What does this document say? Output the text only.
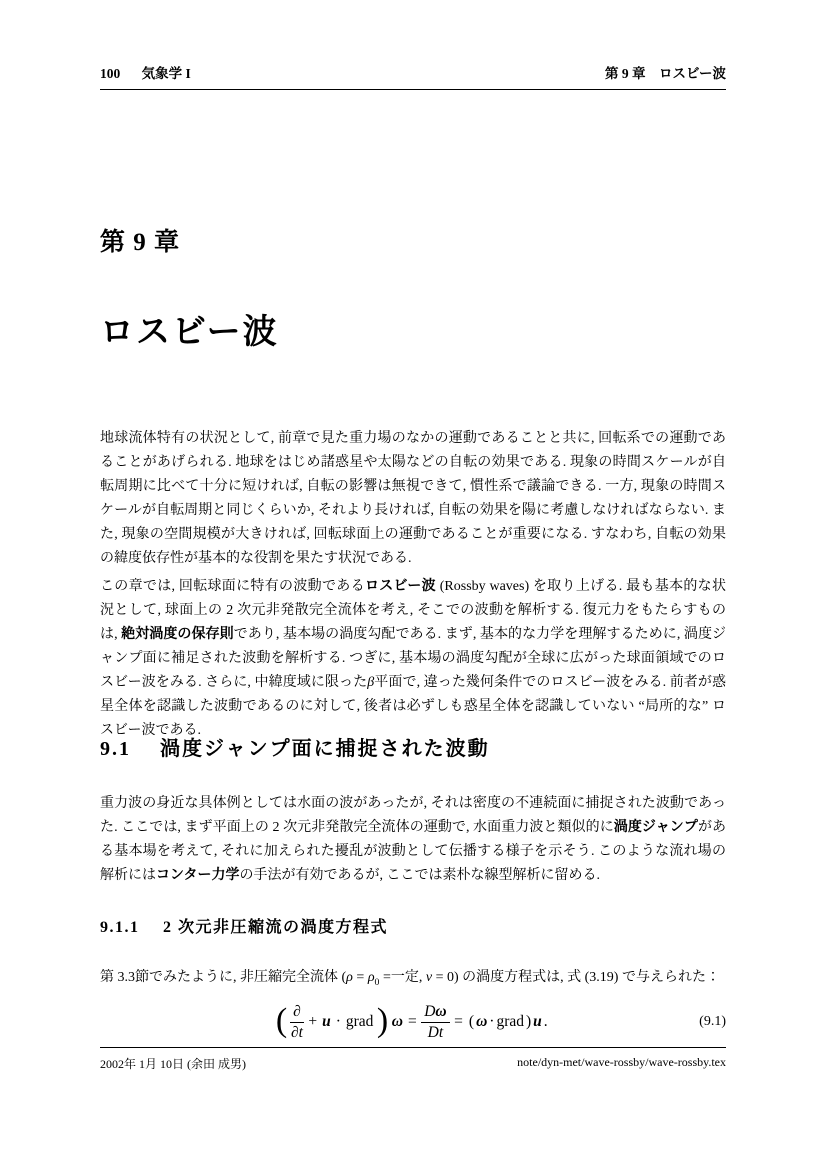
100 気象学 I	第 9 章　ロスビー波
第 9 章
ロスビー波

地球流体特有の状況として, 前章で見た重力場のなかの運動であることと共に, 回転系での運動であることがあげられる. 地球をはじめ諸惑星や太陽などの自転の効果である. 現象の時間スケールが自転周期に比べて十分に短ければ, 自転の影響は無視できて, 慣性系で議論できる. 一方, 現象の時間スケールが自転周期と同じくらいか, それより長ければ, 自転の効果を陽に考慮しなければならない. また, 現象の空間規模が大きければ, 回転球面上の運動であることが重要になる. すなわち, 自転の効果の緯度依存性が基本的な役割を果たす状況である.

この章では, 回転球面に特有の波動であるロスビー波 (Rossby waves) を取り上げる. 最も基本的な状況として, 球面上の 2 次元非発散完全流体を考え, そこでの波動を解析する. 復元力をもたらすものは, 絶対渦度の保存則であり, 基本場の渦度勾配である. まず, 基本的な力学を理解するために, 渦度ジャンプ面に補足された波動を解析する. つぎに, 基本場の渦度勾配が全球に広がった球面領域でのロスビー波をみる. さらに, 中緯度域に限ったβ平面で, 違った幾何条件でのロスビー波をみる. 前者が惑星全体を認識した波動であるのに対して, 後者は必ずしも惑星全体を認識していない “局所的な” ロスビー波である.

9.1 渦度ジャンプ面に捕捉された波動

重力波の身近な具体例としては水面の波があったが, それは密度の不連続面に捕捉された波動であった. ここでは, まず平面上の 2 次元非発散完全流体の運動で, 水面重力波と類似的に渦度ジャンプがある基本場を考えて, それに加えられた擾乱が波動として伝播する様子を示そう. このような流れ場の解析にはコンター力学の手法が有効であるが, ここでは素朴な線型解析に留める.

9.1.1 2 次元非圧縮流の渦度方程式

第 3.3節でみたように, 非圧縮完全流体 ($\rho = \rho_0$ =一定, ν = 0) の渦度方程式は, 式 (3.19) で与えられた：

( $\frac{\partial}{\partial t} + u$ · grad ) $\omega = \frac{\text{D ω}}{Dt}$ = ( ω · grad ) u .	(9.1)
2002年 1月 10日 (余田 成男)	note/dyn-met/wave-rossby/wave-rossby.tex
